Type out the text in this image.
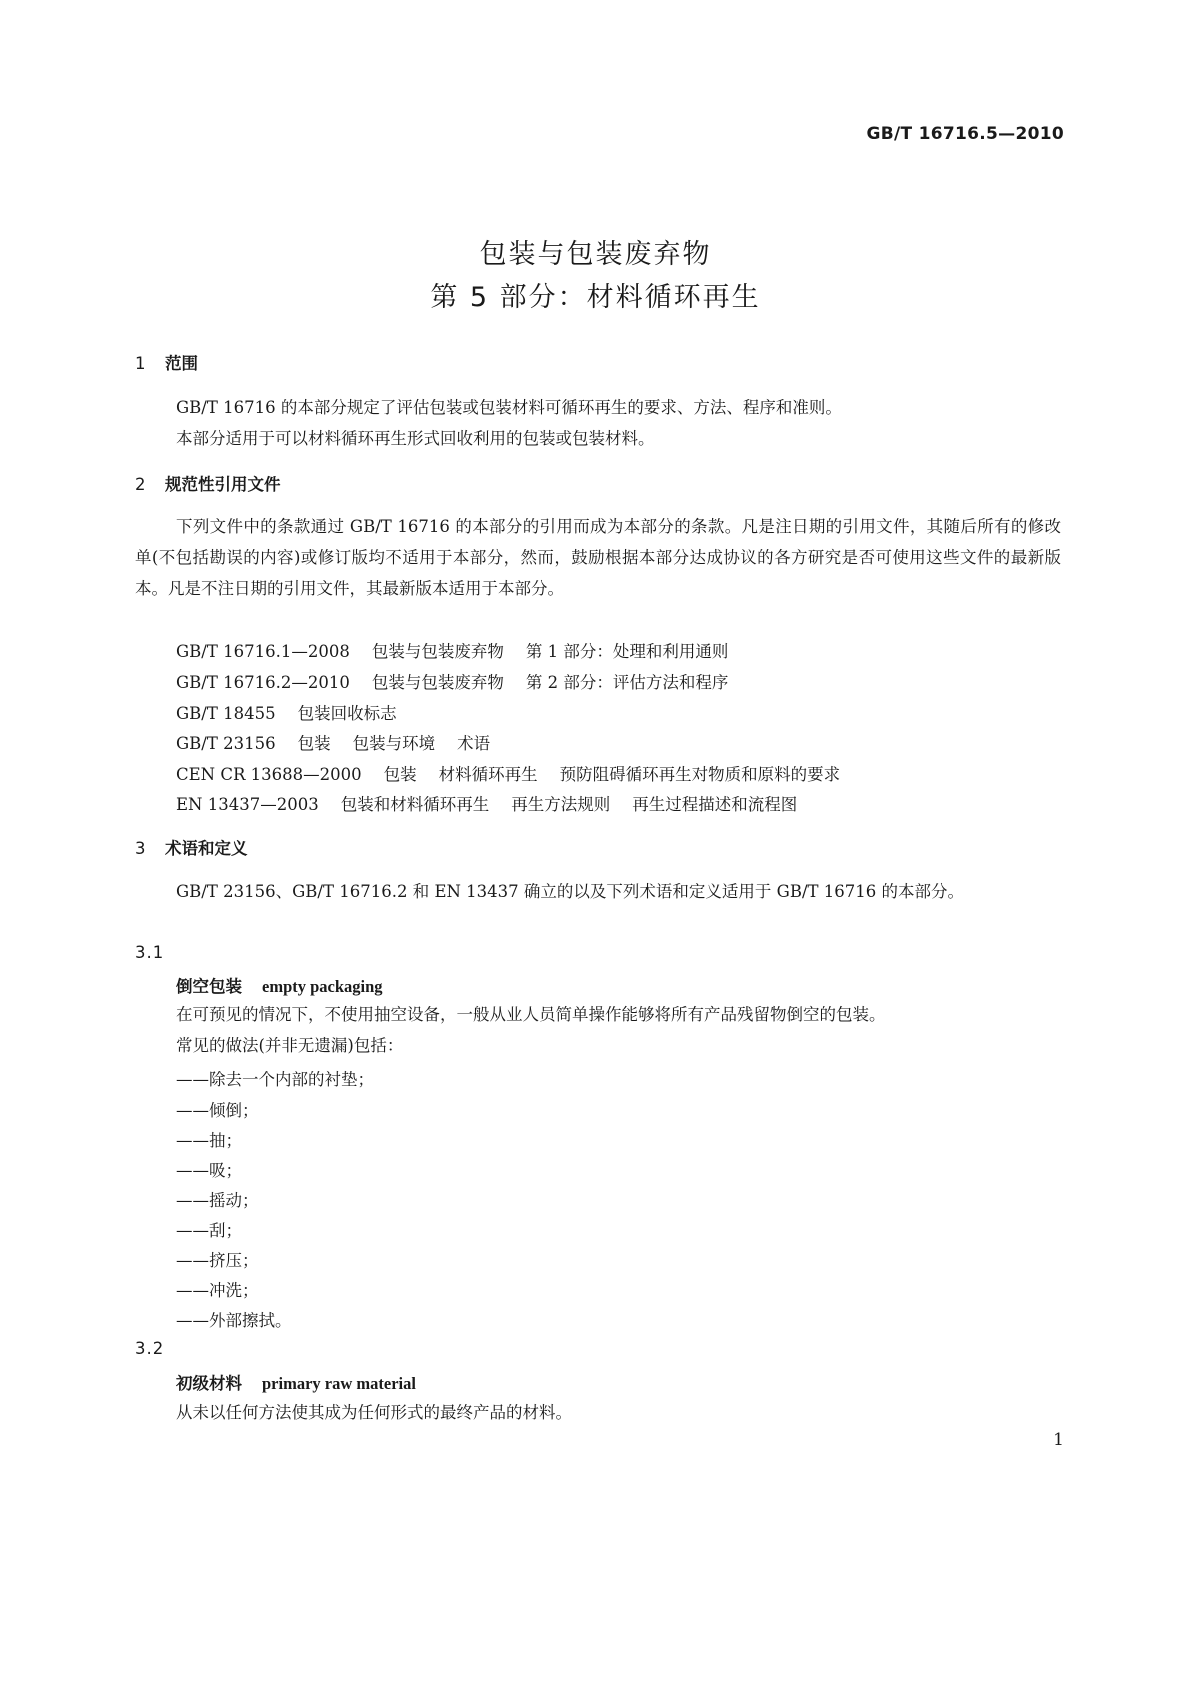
GB/T 16716.5—2010
包装与包装废弃物
第 5 部分：材料循环再生
1 范围
GB/T 16716 的本部分规定了评估包装或包装材料可循环再生的要求、方法、程序和准则。
本部分适用于可以材料循环再生形式回收利用的包装或包装材料。
2 规范性引用文件
下列文件中的条款通过 GB/T 16716 的本部分的引用而成为本部分的条款。凡是注日期的引用文件，其随后所有的修改单(不包括勘误的内容)或修订版均不适用于本部分，然而，鼓励根据本部分达成协议的各方研究是否可使用这些文件的最新版本。凡是不注日期的引用文件，其最新版本适用于本部分。
GB/T 16716.1—2008 包装与包装废弃物 第 1 部分：处理和利用通则
GB/T 16716.2—2010 包装与包装废弃物 第 2 部分：评估方法和程序
GB/T 18455 包装回收标志
GB/T 23156 包装 包装与环境 术语
CEN CR 13688—2000 包装 材料循环再生 预防阻碍循环再生对物质和原料的要求
EN 13437—2003 包装和材料循环再生 再生方法规则 再生过程描述和流程图
3 术语和定义
GB/T 23156、GB/T 16716.2 和 EN 13437 确立的以及下列术语和定义适用于 GB/T 16716 的本部分。
3.1
倒空包装 empty packaging
在可预见的情况下，不使用抽空设备，一般从业人员简单操作能够将所有产品残留物倒空的包装。
常见的做法(并非无遗漏)包括：
——除去一个内部的衬垫；
——倾倒；
——抽；
——吸；
——摇动；
——刮；
——挤压；
——冲洗；
——外部擦拭。
3.2
初级材料 primary raw material
从未以任何方法使其成为任何形式的最终产品的材料。
1
